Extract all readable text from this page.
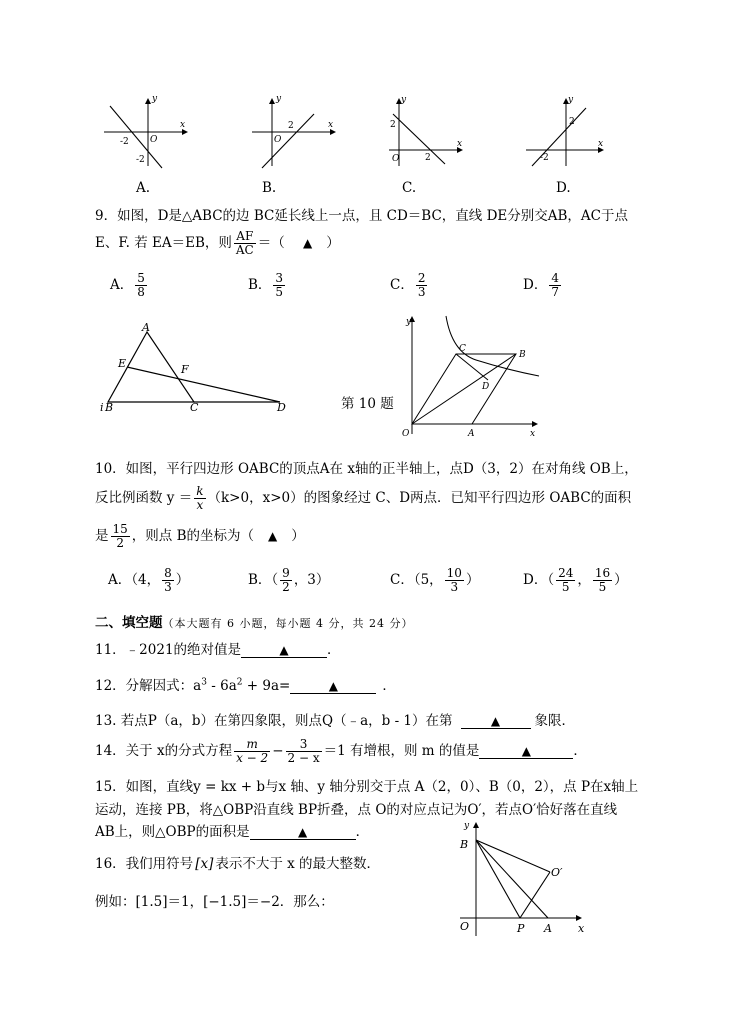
y
x
O
-2
-2
A.
y
x
O
2
B.
y
x
O
2
2
C.
y
x
2
-2
D.
9．如图，D是△ABC的边 BC延长线上一点，且 CD＝BC，直线 DE分别交AB，AC于点
E、F. 若 EA＝EB，则 $\frac{AF}{AC}$ ＝（ ▲ ）
A． $\frac{5}{8}$	B． $\frac{3}{5}$	C． $\frac{2}{3}$	D． $\frac{4}{7}$
A
E	F
i B	C	D	第 10 题
y
C
B
D
O	A	x
10．如图，平行四边形 OABC的顶点A在 x轴的正半轴上，点D（3，2）在对角线 OB上，
反比例函数 $y = \frac{k}{x} (k>0$，x>0）的图象经过 C、D两点．已知平行四边形 OABC的面积
是 $\frac{15}{2}$ ，则点 B的坐标为（ ▲ ）
A．（4， $\frac{8}{3}$ ）	B．（ $\frac{9}{2}$ ，3）	C．（5， $\frac{10}{3}$ ）	D．（ $\frac{24}{5}$ ， $\frac{16}{5}$ ）
二、填空题（本大题有 6 小题，每小题 4 分，共 24 分）
11．﹣2021的绝对值是	▲	．
12．分解因式：$a^3 - 6a^2 + 9a=$	▲	．
13. 若点P（a，b）在第四象限，则点Q（﹣a，b - 1）在第	▲	象限．
14．关于 x的分式方程 $\frac{m}{x - 2} - \frac{3}{2 - x} =1$ 有增根，则 m 的值是	▲	．
15．如图，直线y = kx + b与x 轴、y 轴分别交于点 A（2，0）、B（0，2），点 P在x轴上
运动，连接 PB，将△OBP沿直线 BP折叠，点 O的对应点记为O′，若点O′恰好落在直线
AB上，则△OBP的面积是	▲	．	y
B
O′
O	P A x
16．我们用符号 [x] 表示不大于 x 的最大整数．
例如：[1.5]＝1，[−1.5]＝−2．那么：
